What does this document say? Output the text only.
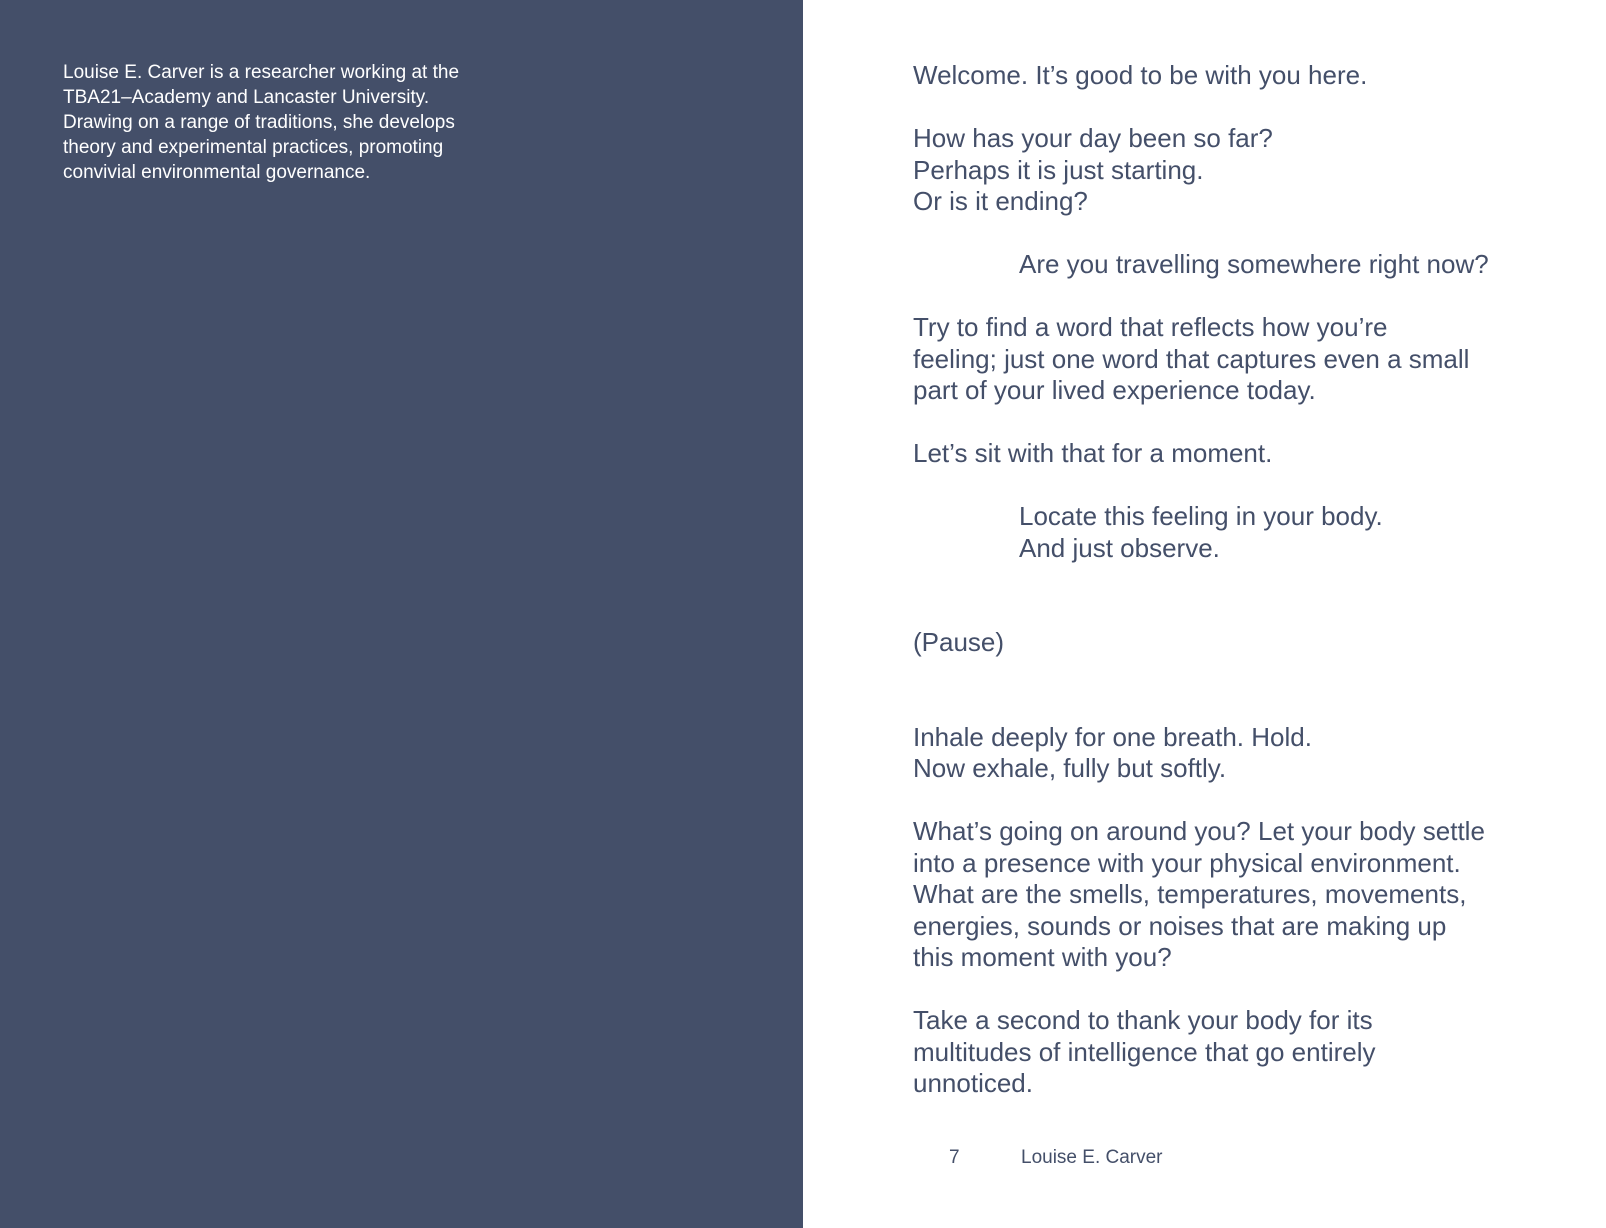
Louise E. Carver is a researcher working at the
TBA21–Academy and Lancaster University.
Drawing on a range of traditions, she develops
theory and experimental practices, promoting
convivial environmental governance.

Welcome. It’s good to be with you here.

How has your day been so far?
Perhaps it is just starting.
Or is it ending?

Are you travelling somewhere right now?

Try to find a word that reflects how you’re
feeling; just one word that captures even a small
part of your lived experience today.

Let’s sit with that for a moment.

Locate this feeling in your body.
And just observe.

(Pause)

Inhale deeply for one breath. Hold.
Now exhale, fully but softly.

What’s going on around you? Let your body settle
into a presence with your physical environment.
What are the smells, temperatures, movements,
energies, sounds or noises that are making up
this moment with you?

Take a second to thank your body for its
multitudes of intelligence that go entirely
unnoticed.

7	Louise E. Carver
